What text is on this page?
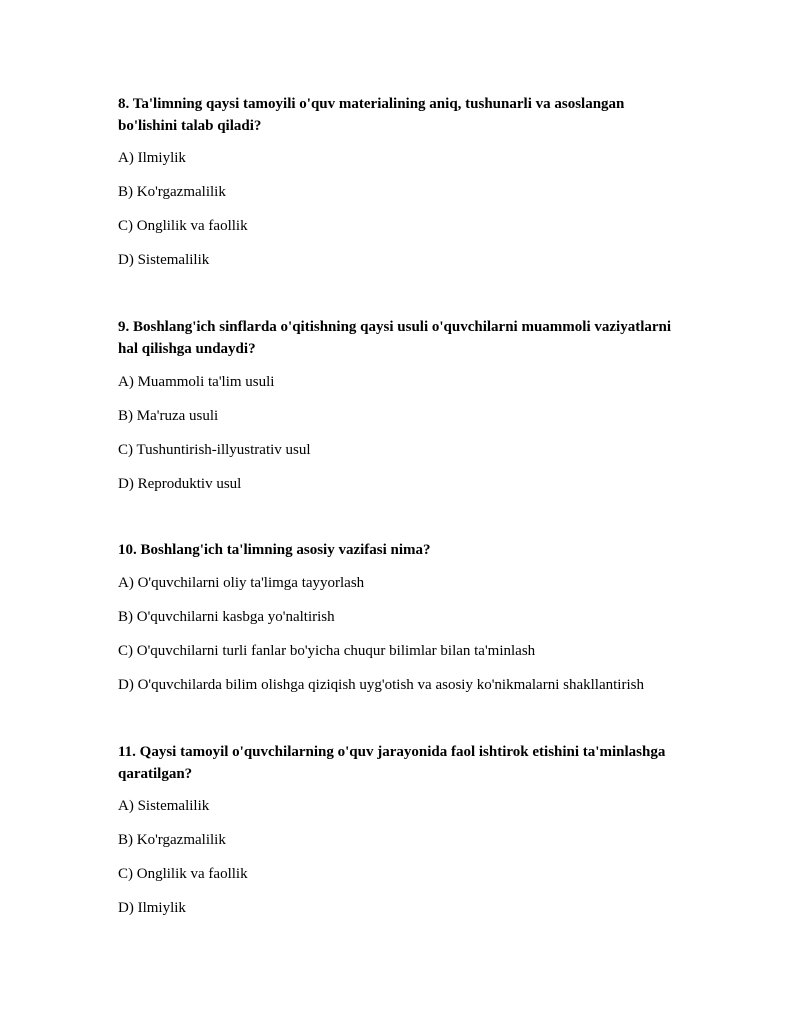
8. Ta'limning qaysi tamoyili o'quv materialining aniq, tushunarli va asoslangan bo'lishini talab qiladi?

A) Ilmiylik

B) Ko'rgazmalilik

C) Onglilik va faollik

D) Sistemalilik

9. Boshlang'ich sinflarda o'qitishning qaysi usuli o'quvchilarni muammoli vaziyatlarni hal qilishga undaydi?

A) Muammoli ta'lim usuli

B) Ma'ruza usuli

C) Tushuntirish-illyustrativ usul

D) Reproduktiv usul

10. Boshlang'ich ta'limning asosiy vazifasi nima?

A) O'quvchilarni oliy ta'limga tayyorlash

B) O'quvchilarni kasbga yo'naltirish

C) O'quvchilarni turli fanlar bo'yicha chuqur bilimlar bilan ta'minlash

D) O'quvchilarda bilim olishga qiziqish uyg'otish va asosiy ko'nikmalarni shakllantirish

11. Qaysi tamoyil o'quvchilarning o'quv jarayonida faol ishtirok etishini ta'minlashga qaratilgan?

A) Sistemalilik

B) Ko'rgazmalilik

C) Onglilik va faollik

D) Ilmiylik
